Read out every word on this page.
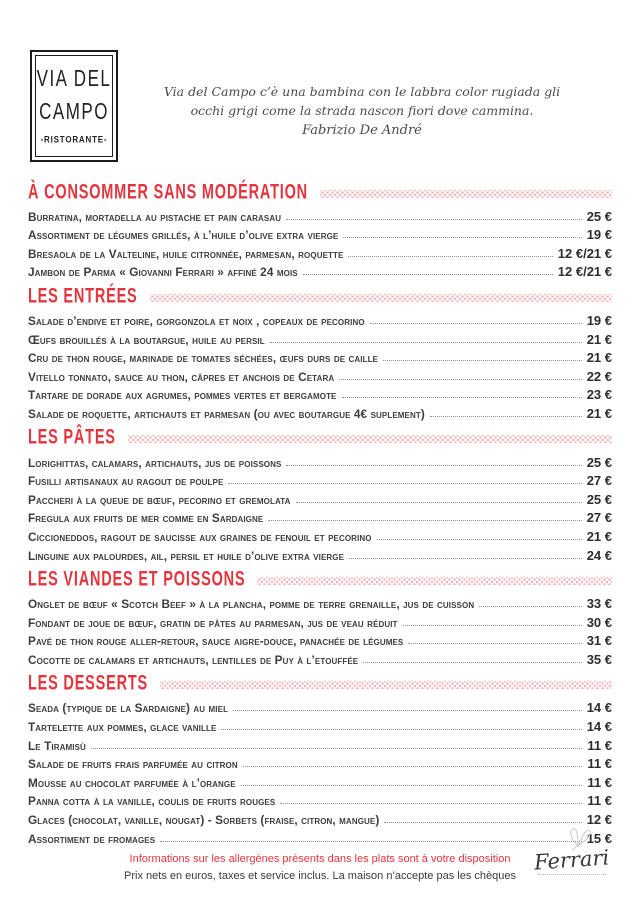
VIA DEL
CAMPO
-RISTORANTE-
Via del Campo c’è una bambina con le labbra color rugiada gli
occhi grigi come la strada nascon fiori dove cammina.
Fabrizio De André
À CONSOMMER SANS MODÉRATION
Burratina, mortadella au pistache et pain carasau	25 €
Assortiment de légumes grillés, à l’huile d’olive extra vierge	19 €
Bresaola de la Valteline, huile citronnée, parmesan, roquette	12 €/21 €
Jambon de Parma « Giovanni Ferrari » affiné 24 mois	12 €/21 €
LES ENTRÉES
Salade d’endive et poire, gorgonzola et noix , copeaux de pecorino	19 €
Œufs brouillés à la boutargue, huile au persil	21 €
Cru de thon rouge, marinade de tomates séchées, œufs durs de caille	21 €
Vitello tonnato, sauce au thon, câpres et anchois de Cetara	22 €
Tartare de dorade aux agrumes, pommes vertes et bergamote	23 €
Salade de roquette, artichauts et parmesan (ou avec boutargue 4€ suplement)	21 €
LES PÂTES
Lorighittas, calamars, artichauts, jus de poissons	25 €
Fusilli artisanaux au ragout de poulpe	27 €
Paccheri à la queue de bœuf, pecorino et gremolata	25 €
Fregula aux fruits de mer comme en Sardaigne	27 €
Ciccioneddos, ragout de saucisse aux graines de fenouil et pecorino	21 €
Linguine aux palourdes, ail, persil et huile d’olive extra vierge	24 €
LES VIANDES ET POISSONS
Onglet de bœuf « Scotch Beef » à la plancha, pomme de terre grenaille, jus de cuisson	33 €
Fondant de joue de bœuf, gratin de pâtes au parmesan, jus de veau réduit	30 €
Pavé de thon rouge aller-retour, sauce aigre-douce, panachée de légumes	31 €
Cocotte de calamars et artichauts, lentilles de Puy à l’etouffée	35 €
LES DESSERTS
Seada (typique de la Sardaigne) au miel	14 €
Tartelette aux pommes, glace vanille	14 €
Le Tiramisù	11 €
Salade de fruits frais parfumée au citron	11 €
Mousse au chocolat parfumée à l’orange	11 €
Panna cotta à la vanille, coulis de fruits rouges	11 €
Glaces (chocolat, vanille, nougat) - Sorbets (fraise, citron, mangue)	12 €
Assortiment de fromages	15 €
Informations sur les allergènes présents dans les plats sont à votre disposition
Prix nets en euros, taxes et service inclus. La maison n’accepte pas les chèques
Ferrari
